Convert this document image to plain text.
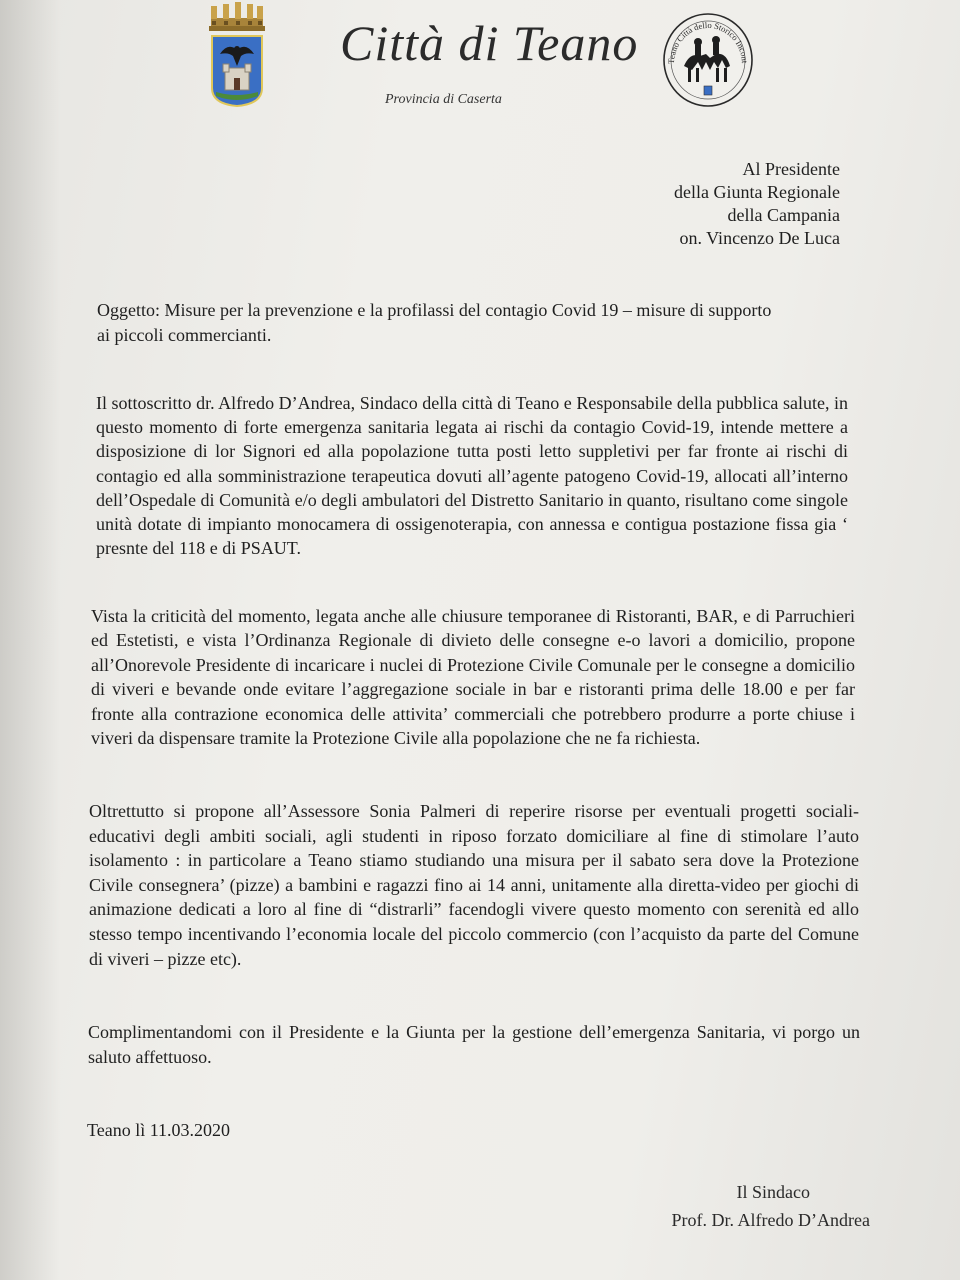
Città di Teano
Provincia di Caserta
Teano Città dello Storico Incont
Al Presidente
della Giunta Regionale
della Campania
on. Vincenzo De Luca
Oggetto: Misure per la prevenzione e la profilassi del contagio Covid 19 – misure di supporto ai piccoli commercianti.
Il sottoscritto dr. Alfredo D’Andrea, Sindaco della città di Teano e Responsabile della pubblica salute, in questo momento di forte emergenza sanitaria legata ai rischi da contagio Covid-19, intende mettere a disposizione di lor Signori ed alla popolazione tutta posti letto suppletivi per far fronte ai rischi di contagio ed alla somministrazione terapeutica dovuti all’agente patogeno Covid-19, allocati all’interno dell’Ospedale di Comunità e/o degli ambulatori del Distretto Sanitario in quanto, risultano come singole unità dotate di impianto monocamera di ossigenoterapia, con annessa e contigua postazione fissa gia ‘ presnte del 118 e di PSAUT.
Vista la criticità del momento, legata anche alle chiusure temporanee di Ristoranti, BAR, e di Parruchieri ed Estetisti, e vista l’Ordinanza Regionale di divieto delle consegne e-o lavori a domicilio, propone all’Onorevole Presidente di incaricare i nuclei di Protezione Civile Comunale per le consegne a domicilio di viveri e bevande onde evitare l’aggregazione sociale in bar e ristoranti prima delle 18.00 e per far fronte alla contrazione economica delle attivita’ commerciali che potrebbero produrre a porte chiuse i viveri da dispensare tramite la Protezione Civile alla popolazione che ne fa richiesta.
Oltrettutto si propone all’Assessore Sonia Palmeri di reperire risorse per eventuali progetti sociali-educativi degli ambiti sociali, agli studenti in riposo forzato domiciliare al fine di stimolare l’auto isolamento : in particolare a Teano stiamo studiando una misura per il sabato sera dove la Protezione Civile consegnera’ (pizze) a bambini e ragazzi fino ai 14 anni, unitamente alla diretta-video per giochi di animazione dedicati a loro al fine di “distrarli” facendogli vivere questo momento con serenità ed allo stesso tempo incentivando l’economia locale del piccolo commercio (con l’acquisto da parte del Comune di viveri – pizze etc).
Complimentandomi con il Presidente e la Giunta per la gestione dell’emergenza Sanitaria, vi porgo un saluto affettuoso.
Teano lì 11.03.2020
Il Sindaco
Prof. Dr. Alfredo D’Andrea
